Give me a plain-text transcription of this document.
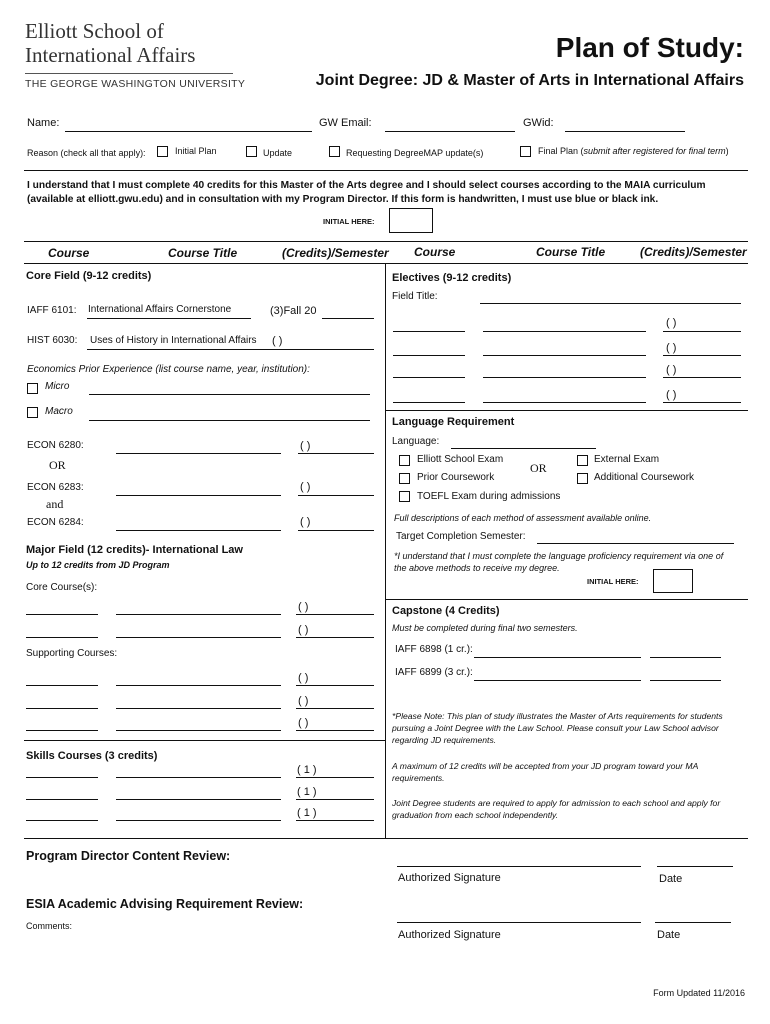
Elliott School of
International Affairs
THE GEORGE WASHINGTON UNIVERSITY
Plan of Study:
Joint Degree: JD & Master of Arts in International Affairs
Name:	GW Email:	GWid:
Reason (check all that apply):	Initial Plan	Update	Requesting DegreeMAP update(s)	Final Plan (submit after registered for final term)
I understand that I must complete 40 credits for this Master of the Arts degree and I should select courses according to the MAIA curriculum
(available at elliott.gwu.edu) and in consultation with my Program Director. If this form is handwritten, I must use blue or black ink.
INITIAL HERE:
Course	Course Title	(Credits)/Semester Course	Course Title	(Credits)/Semester
Core Field (9-12 credits)
IAFF 6101: International Affairs Cornerstone	(3)Fall 20
HIST 6030: Uses of History in International Affairs ( )
Economics Prior Experience (list course name, year, institution):
Micro
Macro
ECON 6280:	( )
OR
ECON 6283:	( )
and
ECON 6284:	( )
Major Field (12 credits)- International Law
Up to 12 credits from JD Program
Core Course(s):
( )
( )
Supporting Courses:
( )
( )
( )
Skills Courses (3 credits)
( 1 )
( 1 )
( 1 )
Electives (9-12 credits)
Field Title:
( )
( )
( )
( )
Language Requirement
Language:
Elliott School Exam
Prior Coursework
TOEFL Exam during admissions
OR
External Exam
Additional Coursework
Full descriptions of each method of assessment available online.
Target Completion Semester:
*I understand that I must complete the language proficiency requirement via one of
the above methods to receive my degree.
INITIAL HERE:
Capstone (4 Credits)
Must be completed during final two semesters.
IAFF 6898 (1 cr.):
IAFF 6899 (3 cr.):
*Please Note: This plan of study illustrates the Master of Arts requirements for students
pursuing a Joint Degree with the Law School. Please consult your Law School advisor
regarding JD requirements.
A maximum of 12 credits will be accepted from your JD program toward your MA
requirements.
Joint Degree students are required to apply for admission to each school and apply for
graduation from each school independently.
Program Director Content Review:
Authorized Signature	Date
ESIA Academic Advising Requirement Review:
Comments:
Authorized Signature	Date
Form Updated 11/2016
